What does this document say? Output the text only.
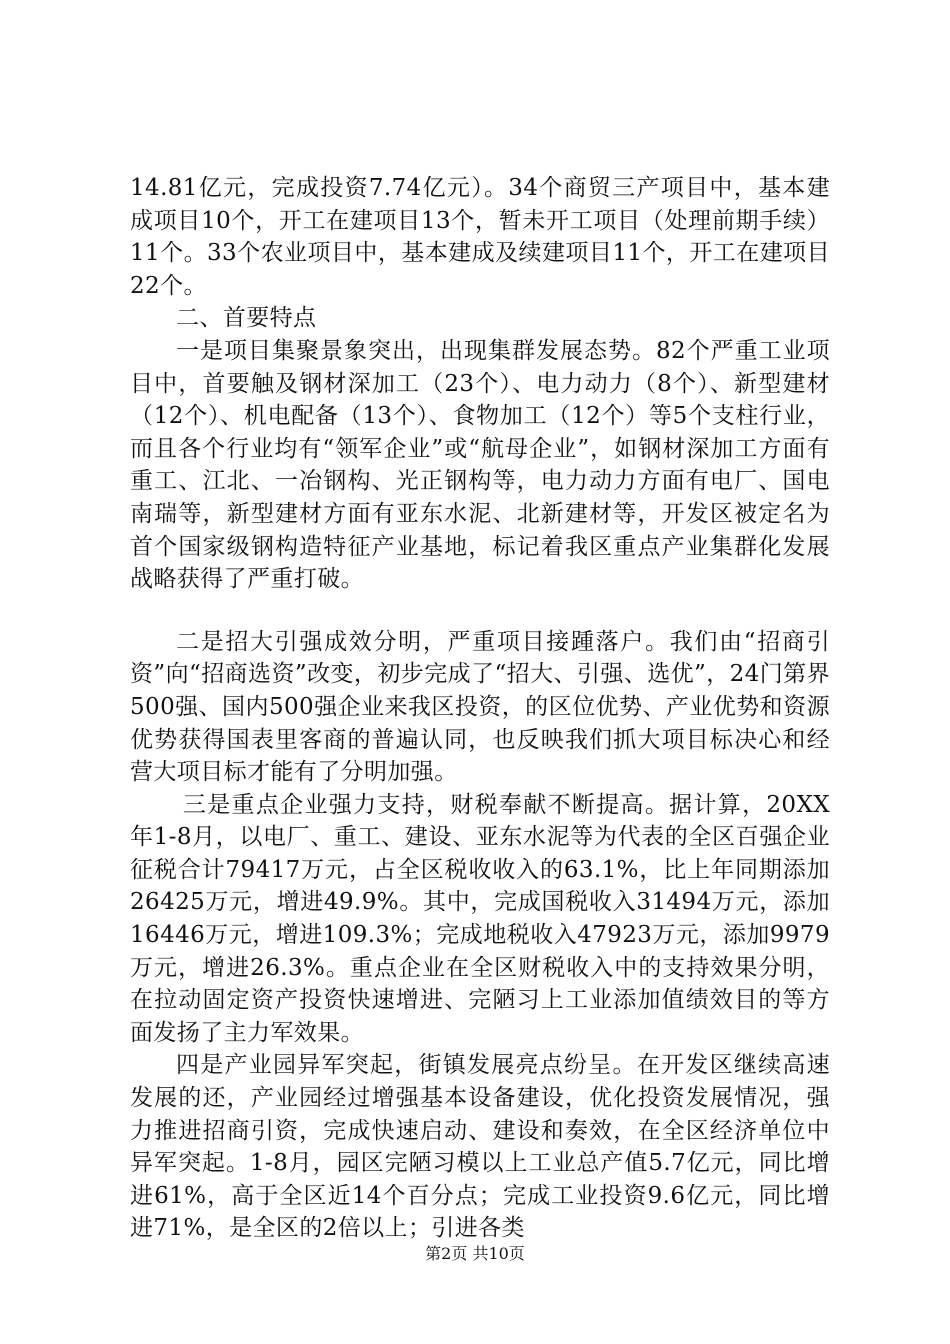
14.81亿元，完成投资7.74亿元）。34个商贸三产项目中，基本建成项目10个，开工在建项目13个，暂未开工项目（处理前期手续）11个。33个农业项目中，基本建成及续建项目11个，开工在建项目22个。

二、首要特点

一是项目集聚景象突出，出现集群发展态势。82个严重工业项目中，首要触及钢材深加工（23个）、电力动力（8个）、新型建材（12个）、机电配备（13个）、食物加工（12个）等5个支柱行业，而且各个行业均有“领军企业”或“航母企业”，如钢材深加工方面有重工、江北、一冶钢构、光正钢构等，电力动力方面有电厂、国电南瑞等，新型建材方面有亚东水泥、北新建材等，开发区被定名为首个国家级钢构造特征产业基地，标记着我区重点产业集群化发展战略获得了严重打破。

二是招大引强成效分明，严重项目接踵落户。我们由“招商引资”向“招商选资”改变，初步完成了“招大、引强、选优”，24门第界500强、国内500强企业来我区投资，的区位优势、产业优势和资源优势获得国表里客商的普遍认同，也反映我们抓大项目标决心和经营大项目标才能有了分明加强。

三是重点企业强力支持，财税奉献不断提高。据计算，20XX年1-8月，以电厂、重工、建设、亚东水泥等为代表的全区百强企业征税合计79417万元，占全区税收收入的63.1%，比上年同期添加26425万元，增进49.9%。其中，完成国税收入31494万元，添加16446万元，增进109.3%；完成地税收入47923万元，添加9979万元，增进26.3%。重点企业在全区财税收入中的支持效果分明，在拉动固定资产投资快速增进、完陋习上工业添加值绩效目的等方面发扬了主力军效果。

四是产业园异军突起，街镇发展亮点纷呈。在开发区继续高速发展的还，产业园经过增强基本设备建设，优化投资发展情况，强力推进招商引资，完成快速启动、建设和奏效，在全区经济单位中异军突起。1-8月，园区完陋习模以上工业总产值5.7亿元，同比增进61%，高于全区近14个百分点；完成工业投资9.6亿元，同比增进71%，是全区的2倍以上；引进各类

第2页 共10页
